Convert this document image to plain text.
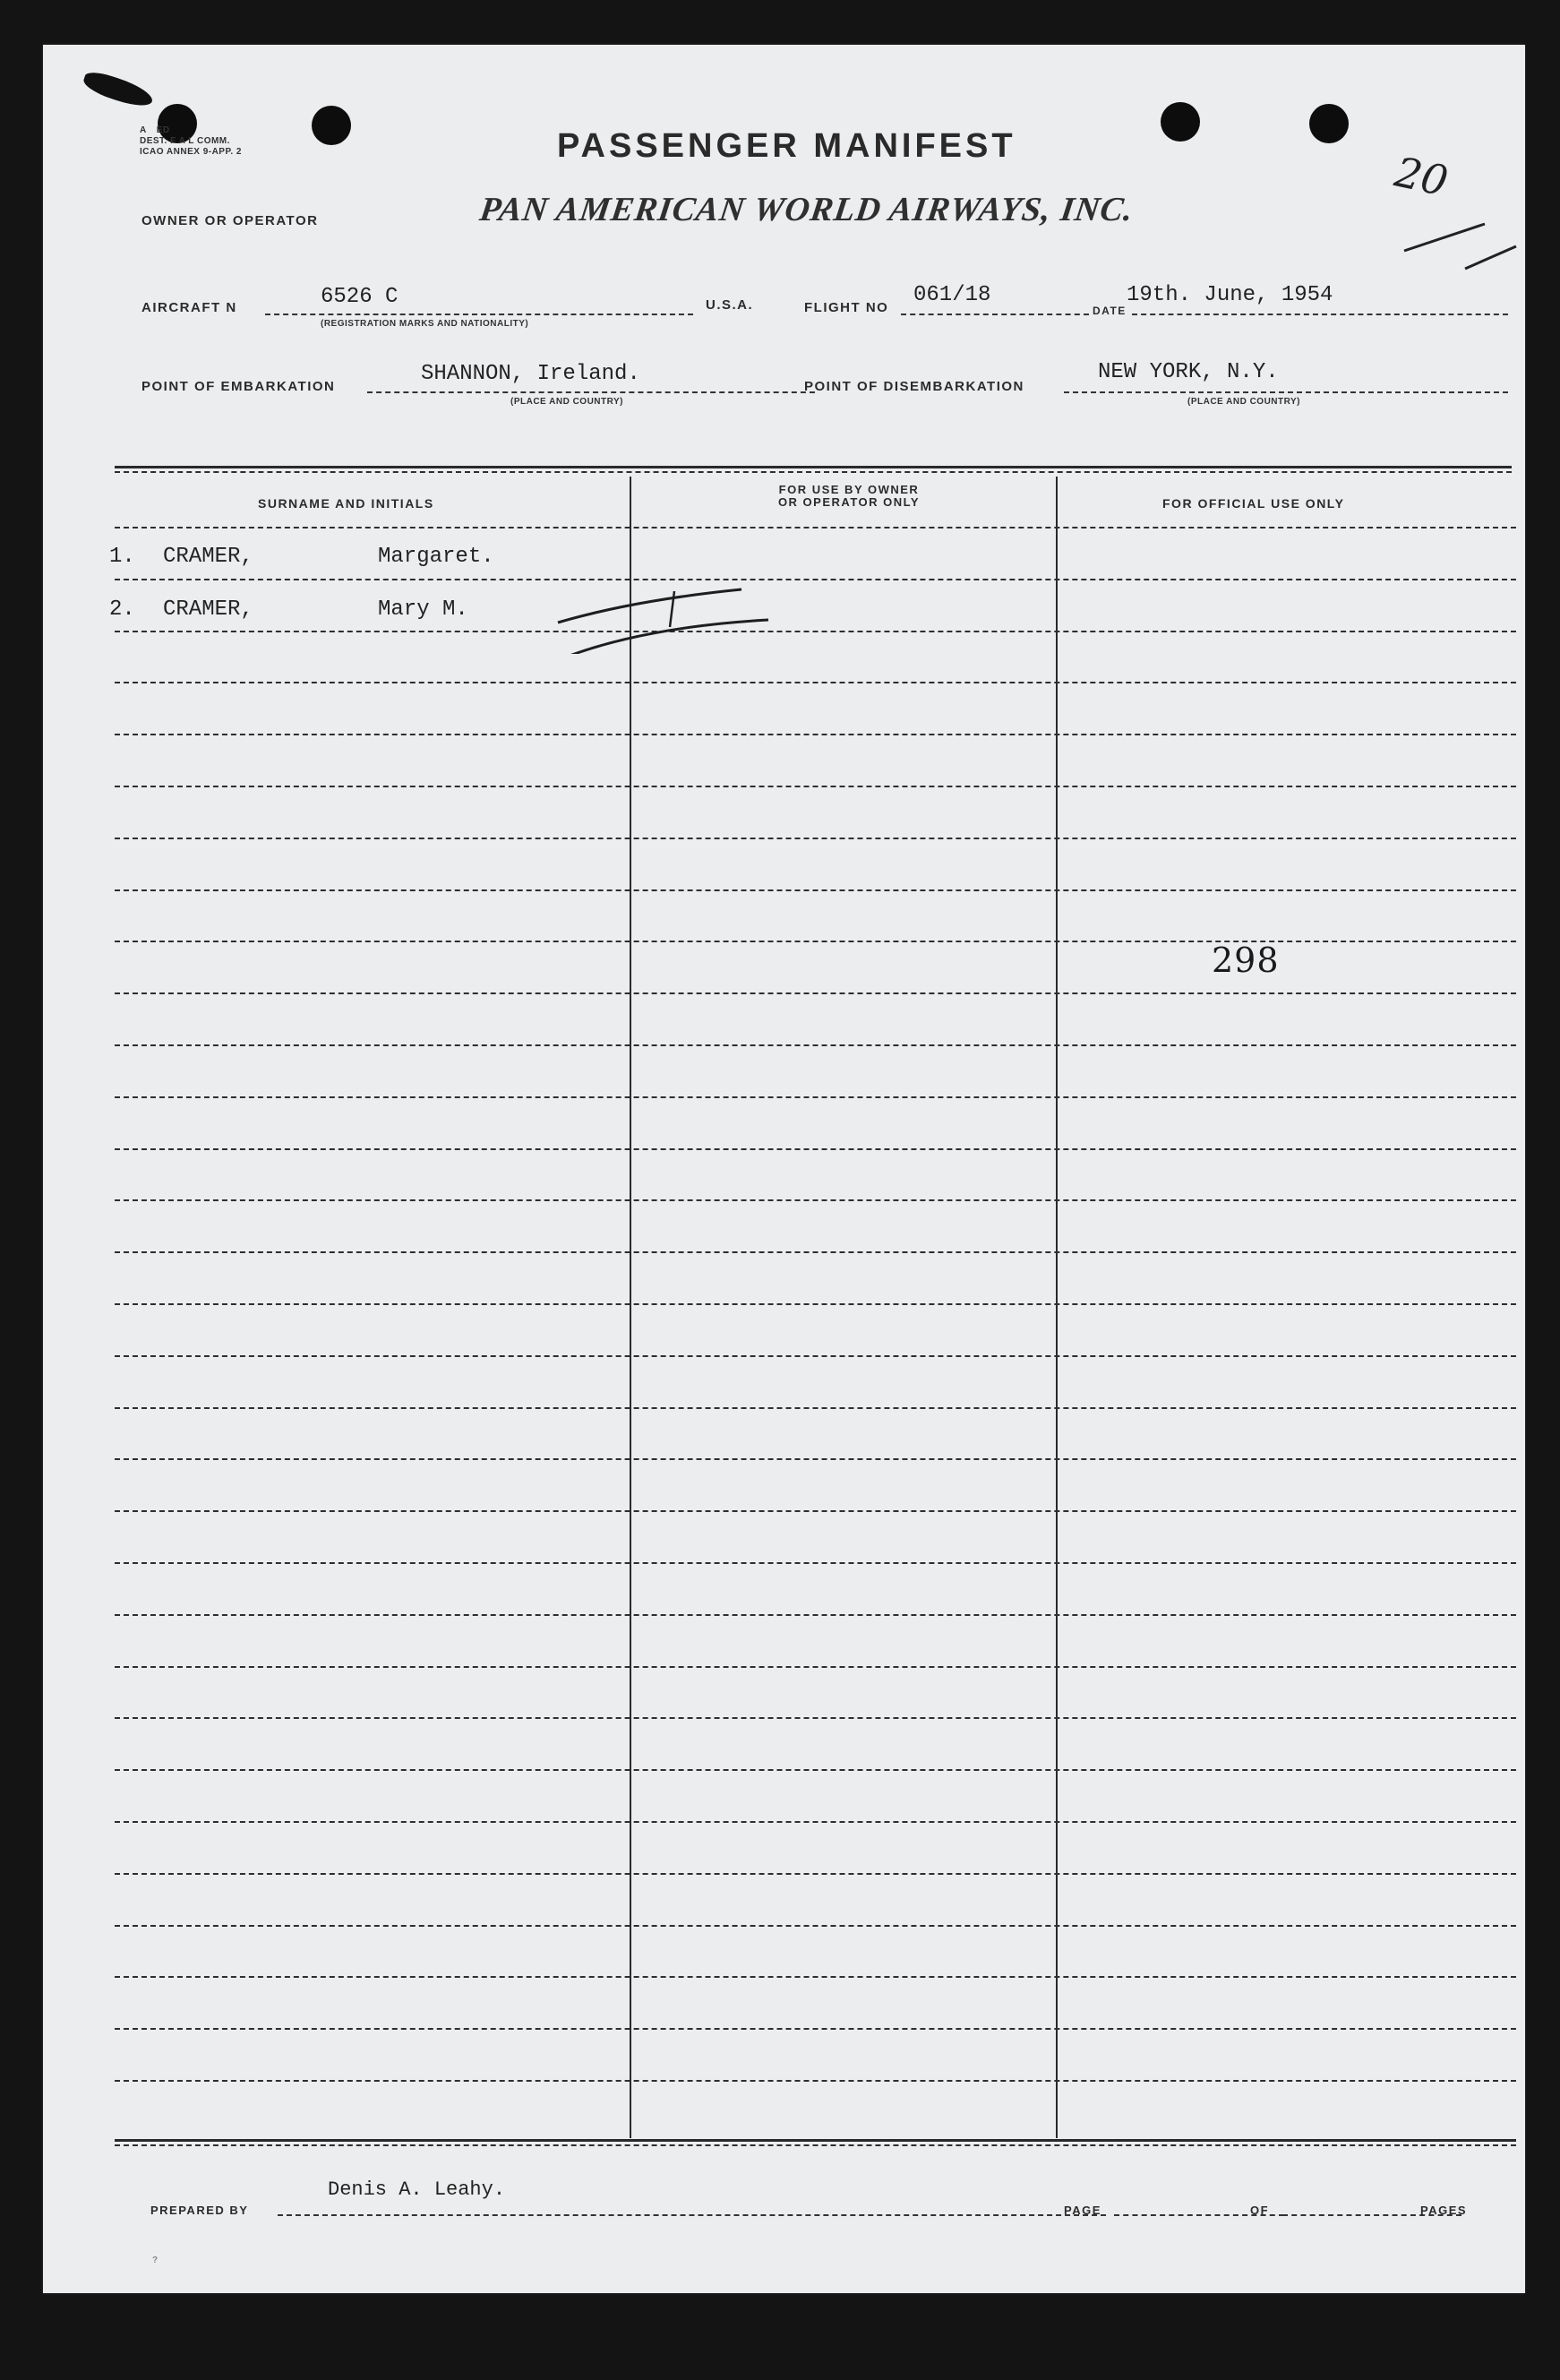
A  ED
DEST. F A L COMM.
ICAO ANNEX 9-APP. 2	PASSENGER MANIFEST
20
OWNER OR OPERATOR	PAN AMERICAN WORLD AIRWAYS, INC.
AIRCRAFT N	6526 C
(REGISTRATION MARKS AND NATIONALITY)
U.S.A.	FLIGHT NO
061/18
DATE
19th. June, 1954
POINT OF EMBARKATION
SHANNON, Ireland.
(PLACE AND COUNTRY)
POINT OF DISEMBARKATION
NEW YORK, N.Y.
(PLACE AND COUNTRY)
SURNAME AND INITIALS
FOR USE BY OWNER
OR OPERATOR ONLY	FOR OFFICIAL USE ONLY
1. CRAMER,	Margaret.
2. CRAMER,	Mary M.
298
Denis A. Leahy.
PREPARED BY	PAGE	OF	PAGES
?
